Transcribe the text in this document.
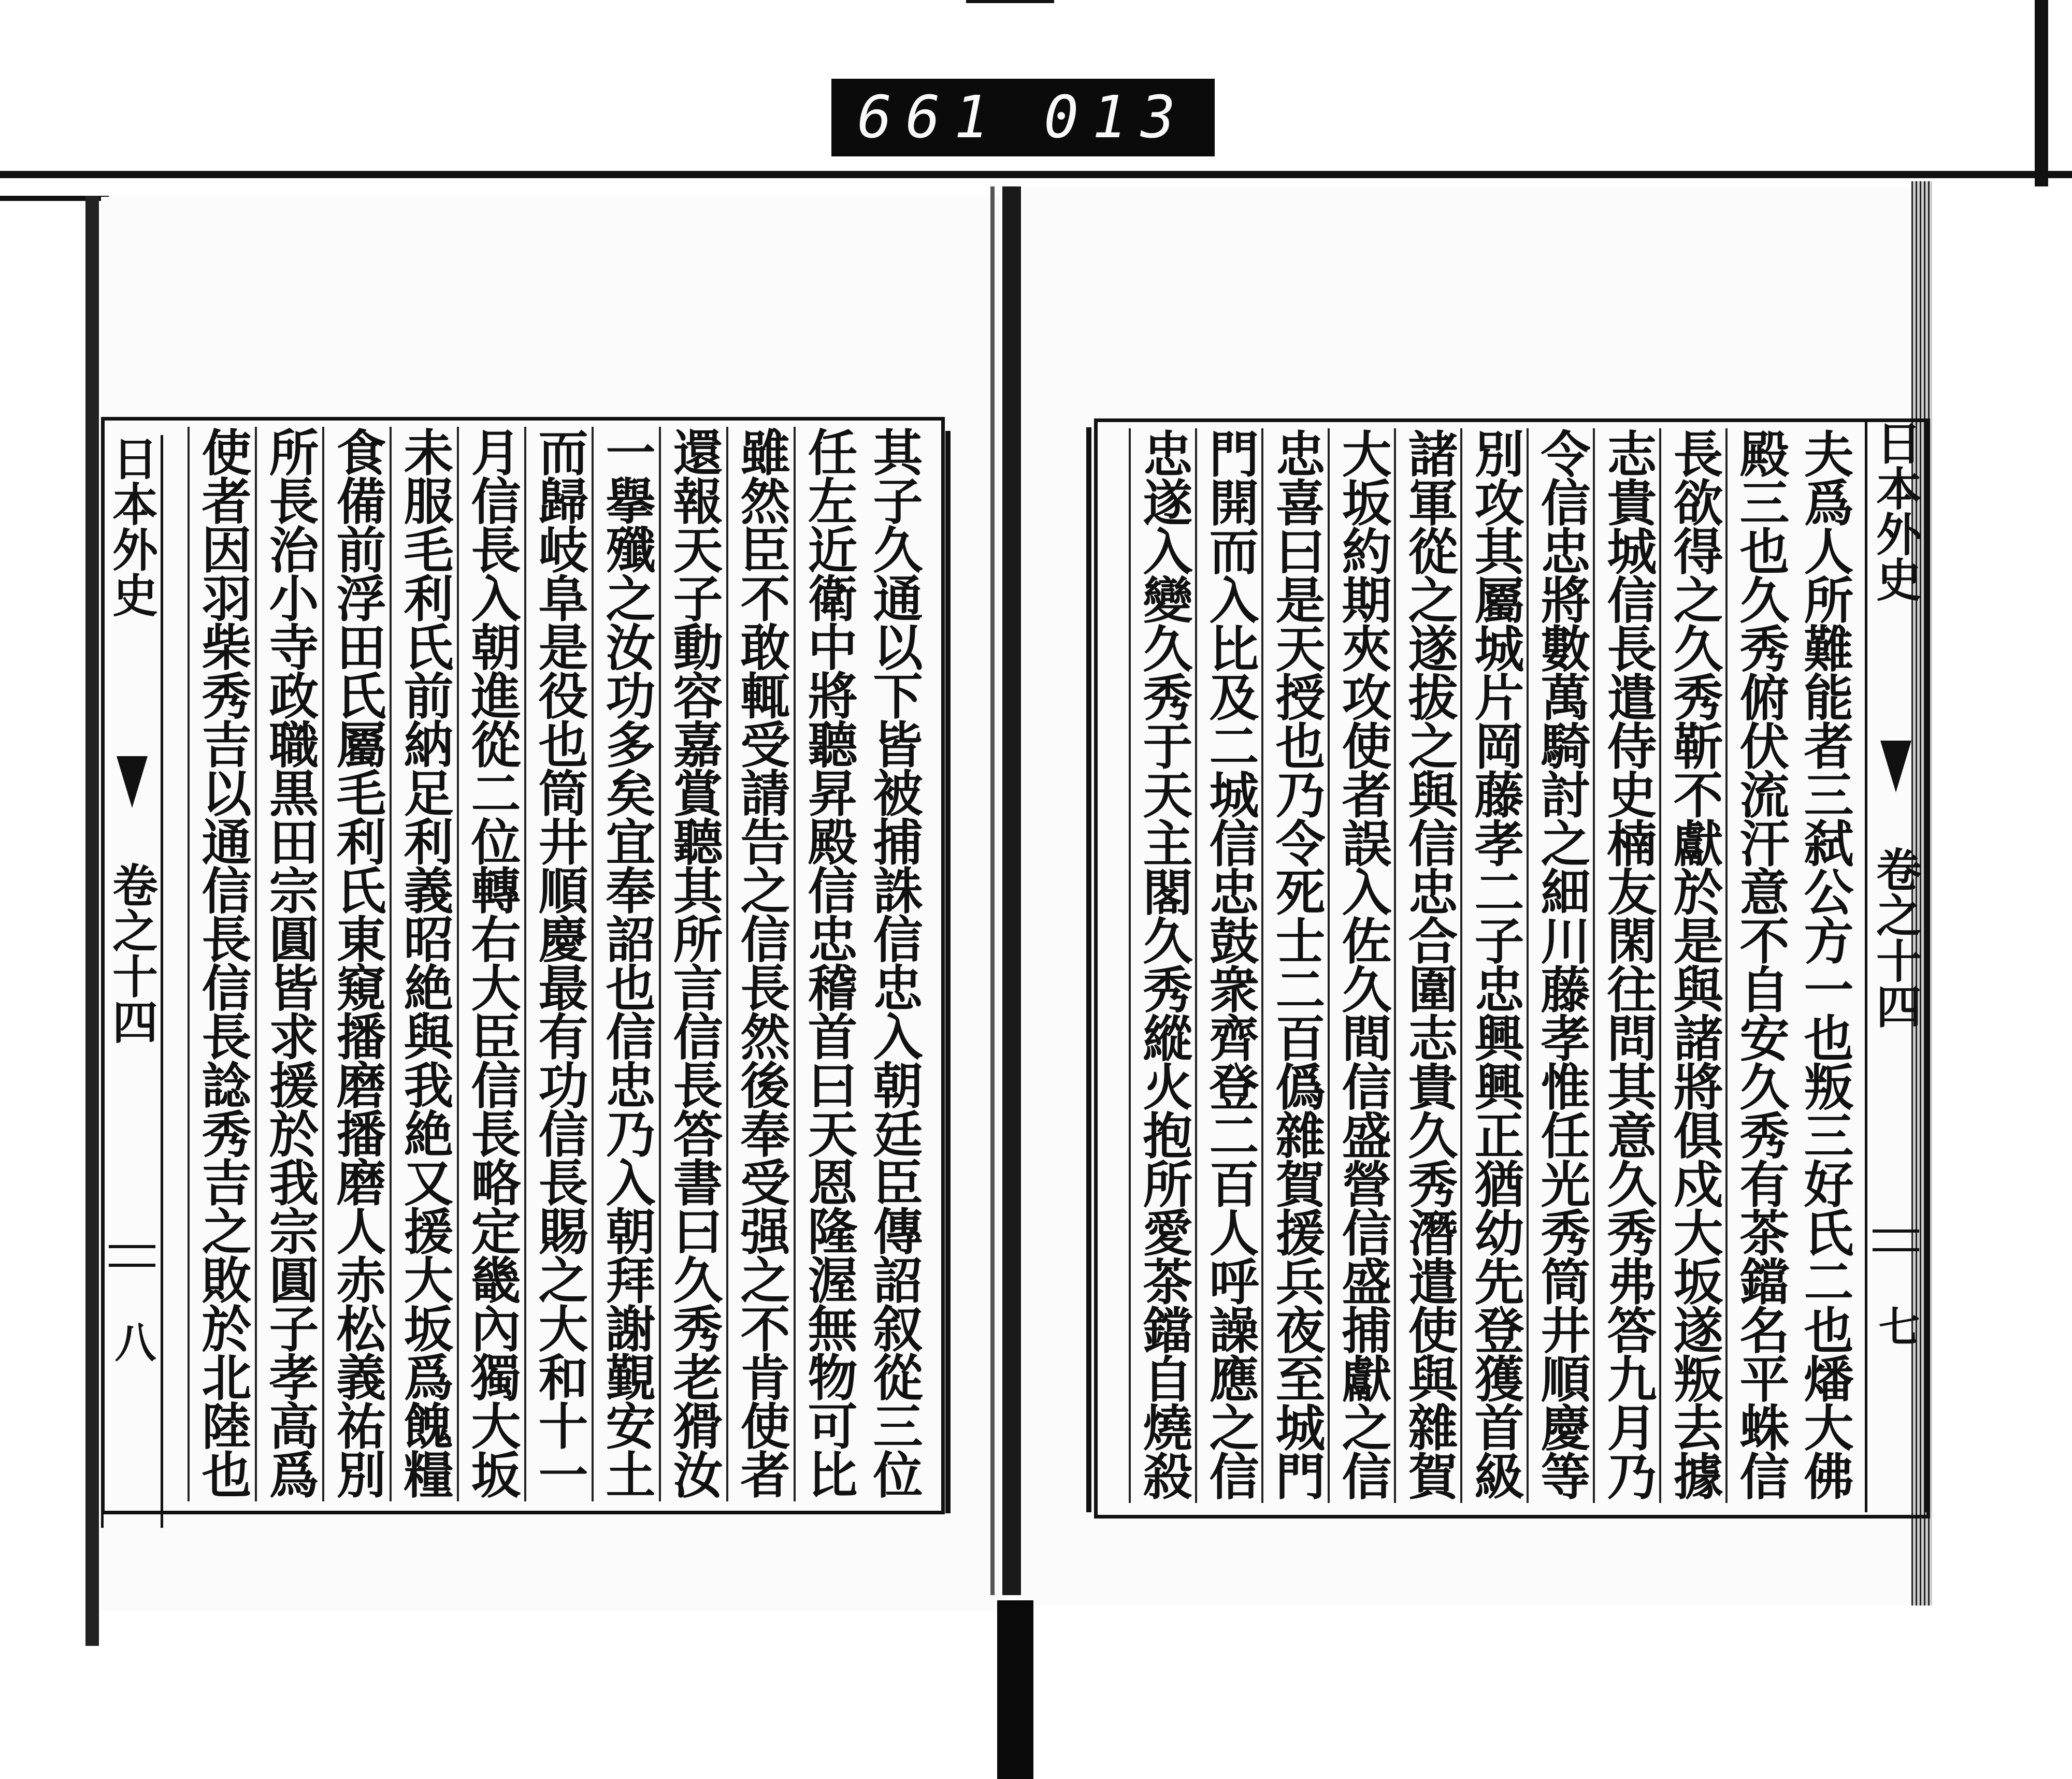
661 013
日本外史   卷之十四   八	其子久通以下皆被捕誅信忠入朝廷臣傳詔叙從三位
任左近衛中將聽昇殿信忠稽首曰天恩隆渥無物可比
雖然臣不敢輒受請告之信長然後奉受强之不肯使者
還報天子動容嘉賞聽其所言信長答書曰久秀老猾汝
一擧殲之汝功多矣宜奉詔也信忠乃入朝拜謝覲安土
而歸岐阜是役也筒井順慶最有功信長賜之大和十一
月信長入朝進從二位轉右大臣信長略定畿內獨大坂
未服毛利氏前納足利義昭絶與我絶又援大坂爲餽糧
食備前浮田氏屬毛利氏東窺播磨播磨人赤松義祐別
所長治小寺政職黒田宗圓皆求援於我宗圓子孝高爲
使者因羽柴秀吉以通信長信長諗秀吉之敗於北陸也	夫爲人所難能者三弑公方一也叛三好氏二也燔大佛
殿三也久秀俯伏流汗意不自安久秀有茶鐺名平蛛信
長欲得之久秀靳不獻於是與諸將俱戍大坂遂叛去據
志貴城信長遣侍史楠友閑往問其意久秀弗答九月乃
令信忠將數萬騎討之細川藤孝惟任光秀筒井順慶等
別攻其屬城片岡藤孝二子忠興興正猶幼先登獲首級
諸軍從之遂拔之與信忠合圍志貴久秀潛遣使與雜賀
大坂約期夾攻使者誤入佐久間信盛營信盛捕獻之信
忠喜曰是天授也乃令死士二百僞雜賀援兵夜至城門
門開而入比及二城信忠鼓衆齊登二百人呼譟應之信
忠遂入變久秀于天主閣久秀縱火抱所愛茶鐺自燒殺	日本外史   卷之十四   七
